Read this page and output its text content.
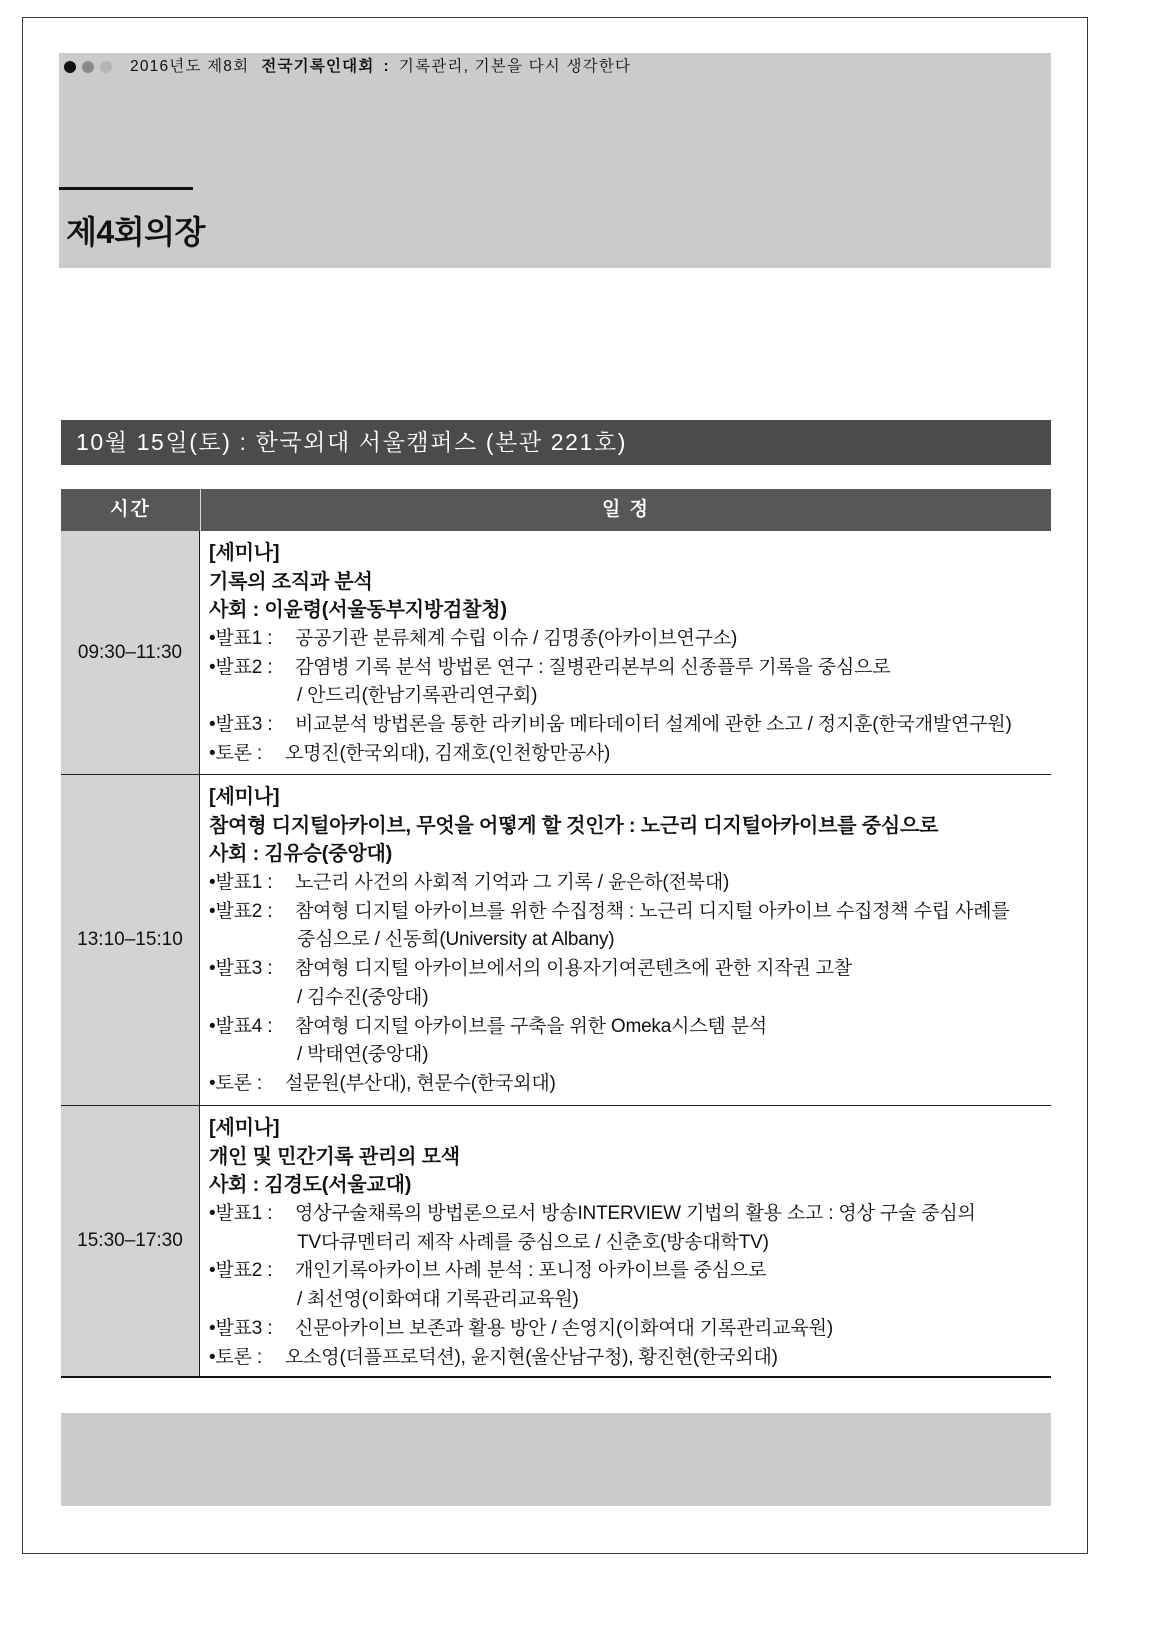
2016년도 제8회 전국기록인대회 : 기록관리, 기본을 다시 생각한다
제4회의장
10월 15일(토) : 한국외대 서울캠퍼스 (본관 221호)
시간	일 정
09:30–11:30
[세미나]
기록의 조직과 분석
사회 : 이윤령(서울동부지방검찰청)
•발표1 : 공공기관 분류체계 수립 이슈 / 김명종(아카이브연구소)
•발표2 : 감염병 기록 분석 방법론 연구 : 질병관리본부의 신종플루 기록을 중심으로
/ 안드리(한남기록관리연구회)
•발표3 : 비교분석 방법론을 통한 라키비움 메타데이터 설계에 관한 소고 / 정지훈(한국개발연구원)
•토론 : 오명진(한국외대), 김재호(인천항만공사)
13:10–15:10
[세미나]
참여형 디지털아카이브, 무엇을 어떻게 할 것인가 : 노근리 디지털아카이브를 중심으로
사회 : 김유승(중앙대)
•발표1 : 노근리 사건의 사회적 기억과 그 기록 / 윤은하(전북대)
•발표2 : 참여형 디지털 아카이브를 위한 수집정책 : 노근리 디지털 아카이브 수집정책 수립 사례를
중심으로 / 신동희(University at Albany)
•발표3 : 참여형 디지털 아카이브에서의 이용자기여콘텐츠에 관한 지작권 고찰
/ 김수진(중앙대)
•발표4 : 참여형 디지털 아카이브를 구축을 위한 Omeka시스템 분석
/ 박태연(중앙대)
•토론 : 설문원(부산대), 현문수(한국외대)
15:30–17:30
[세미나]
개인 및 민간기록 관리의 모색
사회 : 김경도(서울교대)
•발표1 : 영상구술채록의 방법론으로서 방송INTERVIEW 기법의 활용 소고 : 영상 구술 중심의
TV다큐멘터리 제작 사례를 중심으로 / 신춘호(방송대학TV)
•발표2 : 개인기록아카이브 사례 분석 : 포니정 아카이브를 중심으로
/ 최선영(이화여대 기록관리교육원)
•발표3 : 신문아카이브 보존과 활용 방안 / 손영지(이화여대 기록관리교육원)
•토론 : 오소영(더플프로덕션), 윤지현(울산남구청), 황진현(한국외대)
